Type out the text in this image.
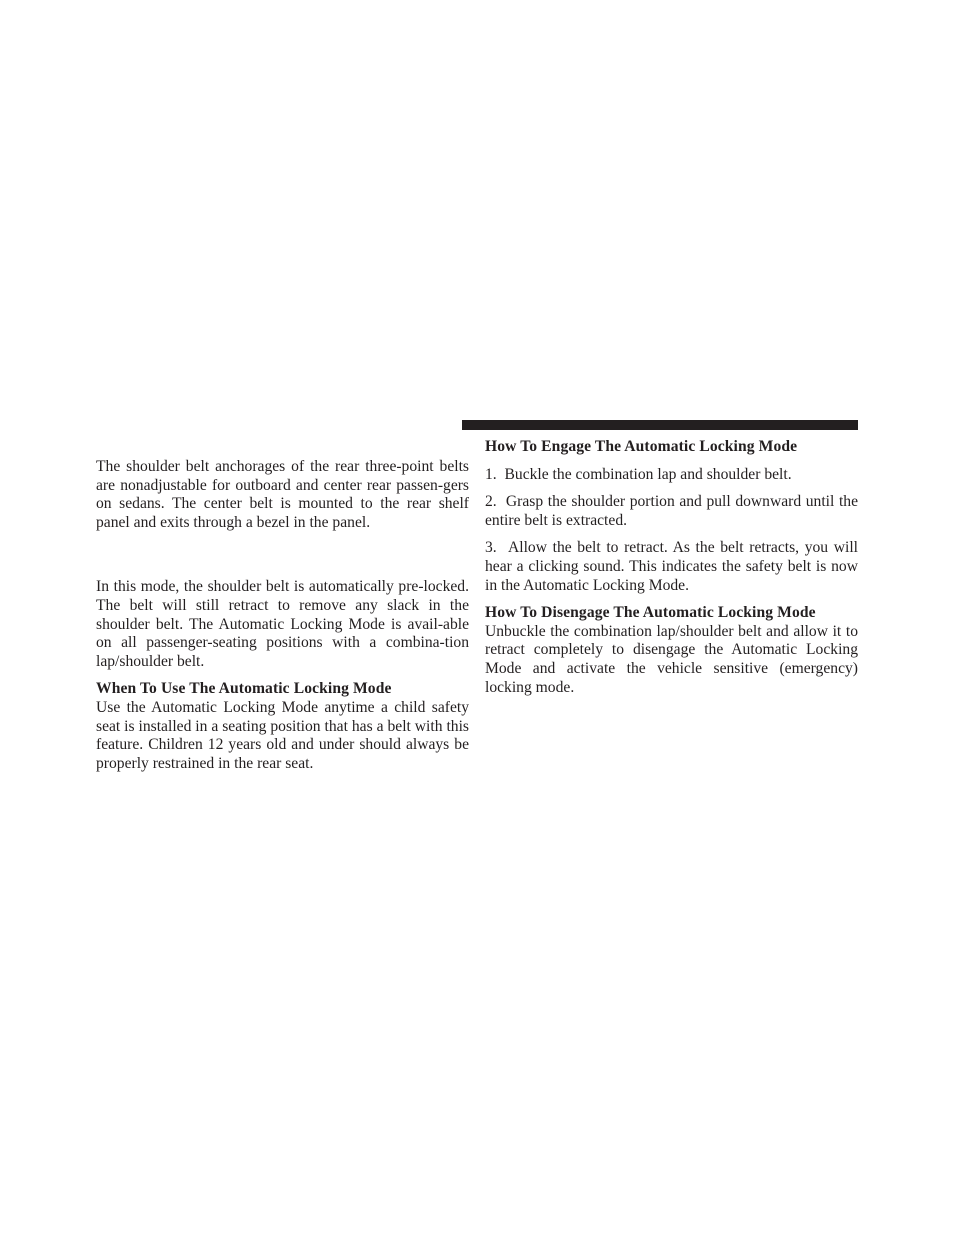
The shoulder belt anchorages of the rear three-point belts are nonadjustable for outboard and center rear passen-gers on sedans. The center belt is mounted to the rear shelf panel and exits through a bezel in the panel.

In this mode, the shoulder belt is automatically pre-locked. The belt will still retract to remove any slack in the shoulder belt. The Automatic Locking Mode is avail-able on all passenger-seating positions with a combina-tion lap/shoulder belt.

When To Use The Automatic Locking Mode

Use the Automatic Locking Mode anytime a child safety seat is installed in a seating position that has a belt with this feature. Children 12 years old and under should always be properly restrained in the rear seat.

How To Engage The Automatic Locking Mode

1.  Buckle the combination lap and shoulder belt.

2.  Grasp the shoulder portion and pull downward until the entire belt is extracted.

3.  Allow the belt to retract. As the belt retracts, you will hear a clicking sound. This indicates the safety belt is now in the Automatic Locking Mode.

How To Disengage The Automatic Locking Mode

Unbuckle the combination lap/shoulder belt and allow it to retract completely to disengage the Automatic Locking Mode and activate the vehicle sensitive (emergency) locking mode.
